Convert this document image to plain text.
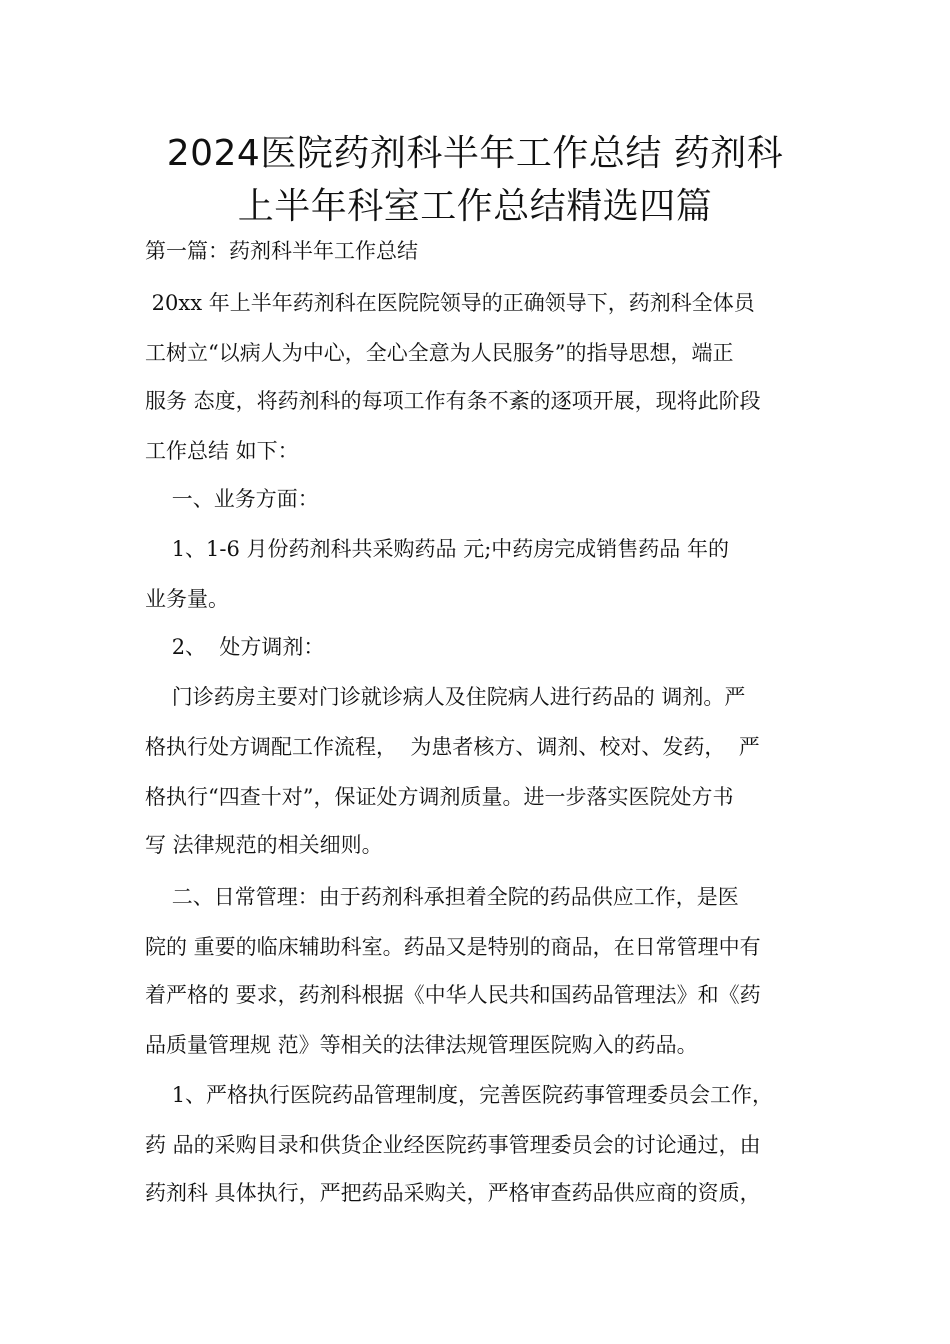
2024医院药剂科半年工作总结 药剂科
上半年科室工作总结精选四篇
第一篇：药剂科半年工作总结
20xx 年上半年药剂科在医院院领导的正确领导下，药剂科全体员
工树立“以病人为中心，全心全意为人民服务”的指导思想，端正
服务 态度，将药剂科的每项工作有条不紊的逐项开展，现将此阶段
工作总结 如下：
一、业务方面：
1、1-6 月份药剂科共采购药品 元;中药房完成销售药品 年的
业务量。
2、  处方调剂：
门诊药房主要对门诊就诊病人及住院病人进行药品的 调剂。严
格执行处方调配工作流程，  为患者核方、调剂、校对、发药，  严
格执行“四查十对”，保证处方调剂质量。进一步落实医院处方书
写 法律规范的相关细则。
二、日常管理：由于药剂科承担着全院的药品供应工作，是医
院的 重要的临床辅助科室。药品又是特别的商品，在日常管理中有
着严格的 要求，药剂科根据《中华人民共和国药品管理法》和《药
品质量管理规 范》等相关的法律法规管理医院购入的药品。
1、严格执行医院药品管理制度，完善医院药事管理委员会工作，
药 品的采购目录和供货企业经医院药事管理委员会的讨论通过，由
药剂科 具体执行，严把药品采购关，严格审查药品供应商的资质，
